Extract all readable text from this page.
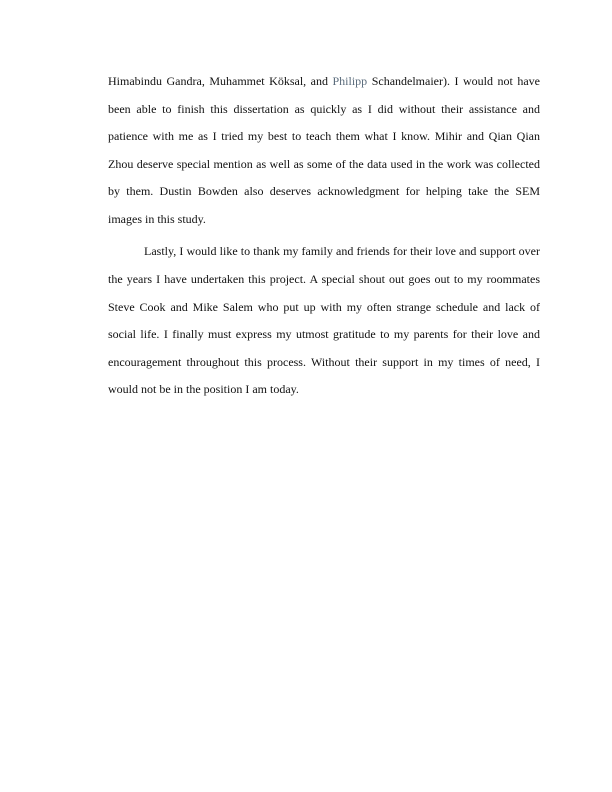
Himabindu Gandra, Muhammet Köksal, and Philipp Schandelmaier). I would not have
been able to finish this dissertation as quickly as I did without their assistance and
patience with me as I tried my best to teach them what I know. Mihir and Qian Qian
Zhou deserve special mention as well as some of the data used in the work was collected
by them. Dustin Bowden also deserves acknowledgment for helping take the SEM
images in this study.
Lastly, I would like to thank my family and friends for their love and support over
the years I have undertaken this project. A special shout out goes out to my roommates
Steve Cook and Mike Salem who put up with my often strange schedule and lack of
social life. I finally must express my utmost gratitude to my parents for their love and
encouragement throughout this process. Without their support in my times of need, I
would not be in the position I am today.
